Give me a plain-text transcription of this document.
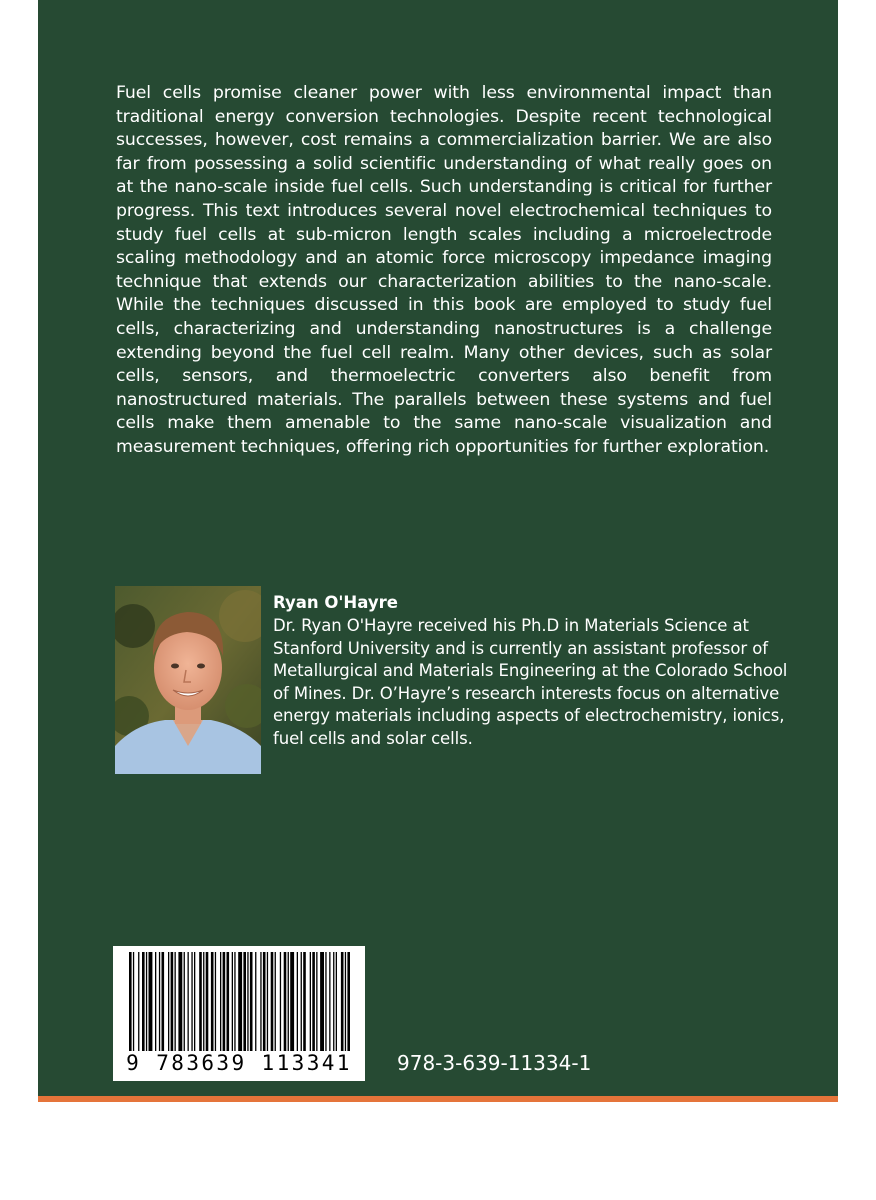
Fuel cells promise cleaner power with less environmental impact than traditional energy conversion technologies. Despite recent technological successes, however, cost remains a commercialization barrier. We are also far from possessing a solid scientific understanding of what really goes on at the nano-scale inside fuel cells. Such understanding is critical for further progress. This text introduces several novel electrochemical techniques to study fuel cells at sub-micron length scales including a microelectrode scaling methodology and an atomic force microscopy impedance imaging technique that extends our characterization abilities to the nano-scale. While the techniques discussed in this book are employed to study fuel cells, characterizing and understanding nanostructures is a challenge extending beyond the fuel cell realm. Many other devices, such as solar cells, sensors, and thermoelectric converters also benefit from nanostructured materials. The parallels between these systems and fuel cells make them amenable to the same nano-scale visualization and measurement techniques, offering rich opportunities for further exploration.

Ryan O'Hayre

Dr. Ryan O'Hayre received his Ph.D in Materials Science at Stanford University and is currently an assistant professor of Metallurgical and Materials Engineering at the Colorado School of Mines. Dr. O’Hayre’s research interests focus on alternative energy materials including aspects of electrochemistry, ionics, fuel cells and solar cells.

9 783639 113341	978-3-639-11334-1
